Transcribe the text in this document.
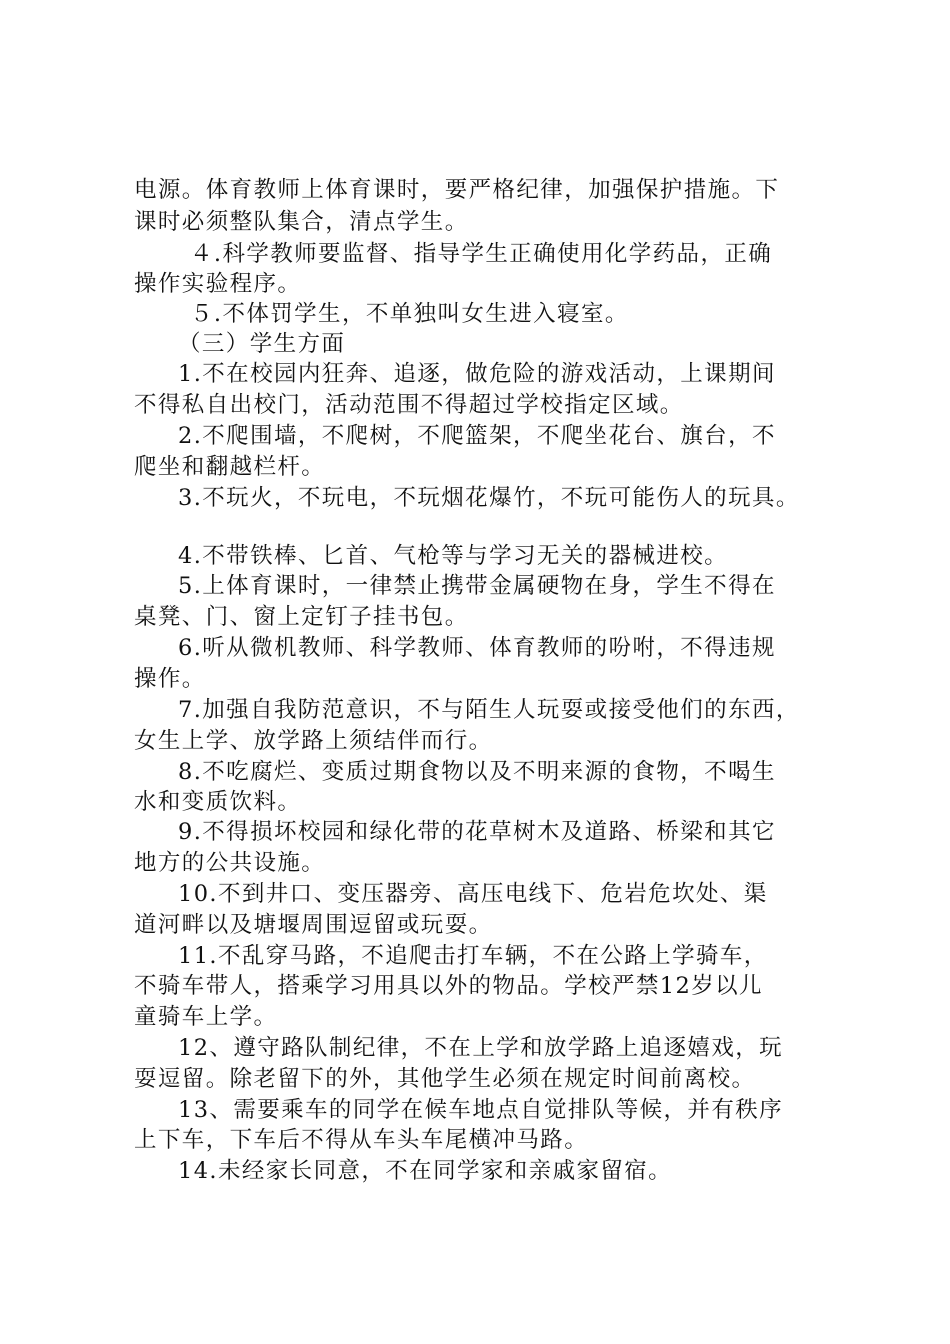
电源。体育教师上体育课时，要严格纪律，加强保护措施。下
课时必须整队集合，清点学生。
４.科学教师要监督、指导学生正确使用化学药品，正确
操作实验程序。
５.不体罚学生，不单独叫女生进入寝室。
（三）学生方面
1.不在校园内狂奔、追逐，做危险的游戏活动，上课期间
不得私自出校门，活动范围不得超过学校指定区域。
2.不爬围墙，不爬树，不爬篮架，不爬坐花台、旗台，不
爬坐和翻越栏杆。
3.不玩火，不玩电，不玩烟花爆竹，不玩可能伤人的玩具。
4.不带铁棒、匕首、气枪等与学习无关的器械进校。
5.上体育课时，一律禁止携带金属硬物在身，学生不得在
桌凳、门、窗上定钉子挂书包。
6.听从微机教师、科学教师、体育教师的吩咐，不得违规
操作。
7.加强自我防范意识，不与陌生人玩耍或接受他们的东西，
女生上学、放学路上须结伴而行。
8.不吃腐烂、变质过期食物以及不明来源的食物，不喝生
水和变质饮料。
9.不得损坏校园和绿化带的花草树木及道路、桥梁和其它
地方的公共设施。
10.不到井口、变压器旁、高压电线下、危岩危坎处、渠
道河畔以及塘堰周围逗留或玩耍。
11.不乱穿马路，不追爬击打车辆，不在公路上学骑车，
不骑车带人，搭乘学习用具以外的物品。学校严禁12岁以儿
童骑车上学。
12、遵守路队制纪律，不在上学和放学路上追逐嬉戏，玩
耍逗留。除老留下的外，其他学生必须在规定时间前离校。
13、需要乘车的同学在候车地点自觉排队等候，并有秩序
上下车，下车后不得从车头车尾横冲马路。
14.未经家长同意，不在同学家和亲戚家留宿。
